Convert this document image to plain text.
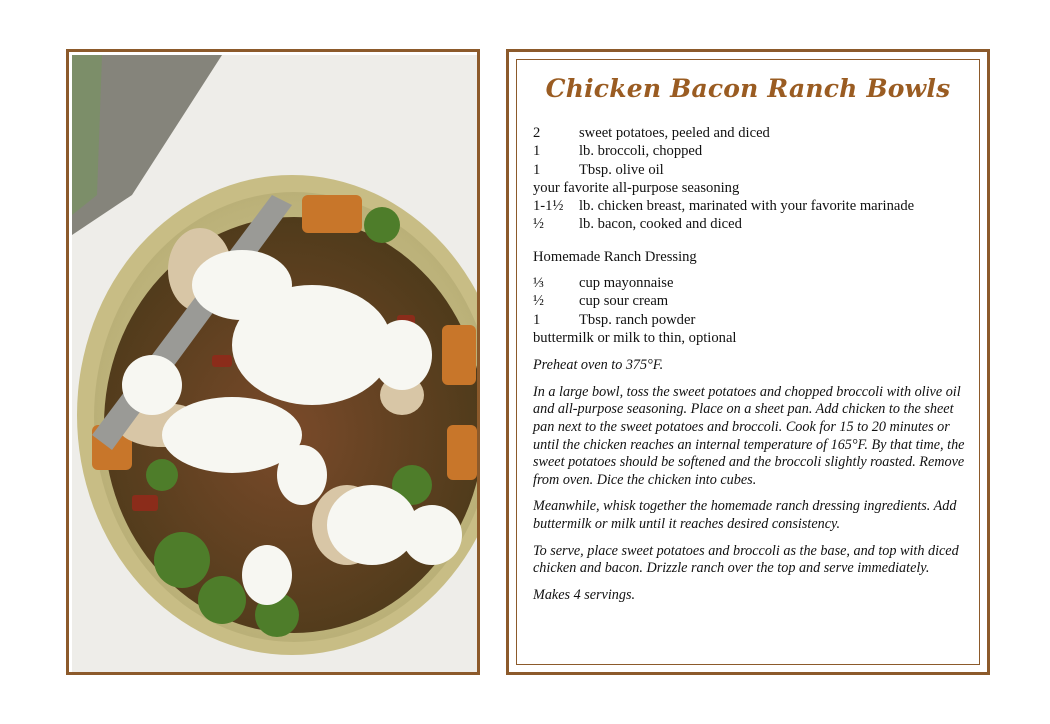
Chicken Bacon Ranch Bowls
2	sweet potatoes, peeled and diced
1	lb. broccoli, chopped
1	Tbsp. olive oil
your favorite all-purpose seasoning
1-1½	lb. chicken breast, marinated with your favorite marinade
½	lb. bacon, cooked and diced
Homemade Ranch Dressing
⅓	cup mayonnaise
½	cup sour cream
1	Tbsp. ranch powder
buttermilk or milk to thin, optional

Preheat oven to 375°F.

In a large bowl, toss the sweet potatoes and chopped broccoli with olive oil and all-purpose seasoning. Place on a sheet pan. Add chicken to the sheet pan next to the sweet potatoes and broccoli. Cook for 15 to 20 minutes or until the chicken reaches an internal temperature of 165°F. By that time, the sweet potatoes should be softened and the broccoli slightly roasted. Remove from oven. Dice the chicken into cubes.

Meanwhile, whisk together the homemade ranch dressing ingredients. Add buttermilk or milk until it reaches desired consistency.

To serve, place sweet potatoes and broccoli as the base, and top with diced chicken and bacon. Drizzle ranch over the top and serve immediately.

Makes 4 servings.
